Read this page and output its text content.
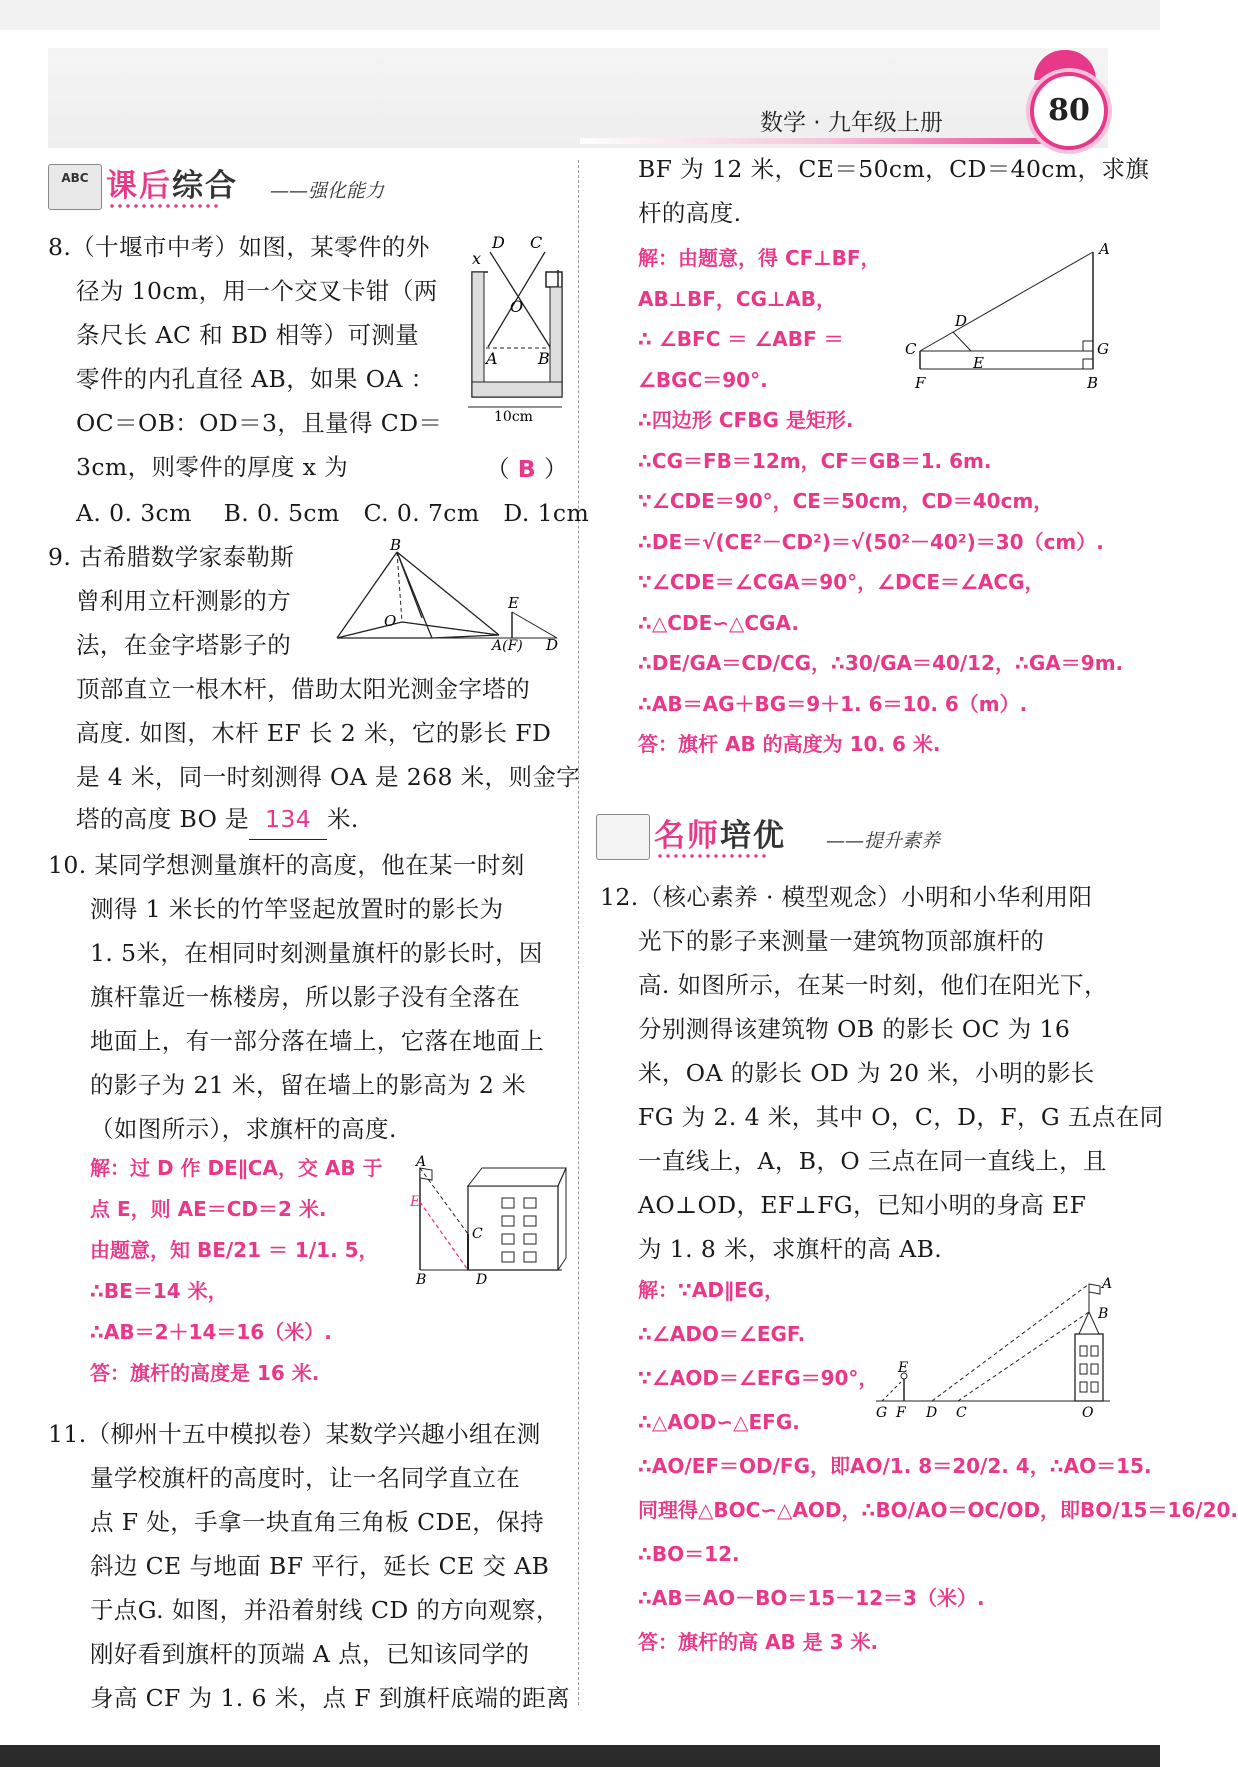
数学 · 九年级上册	80
ABC 课后综合 ——强化能力
8.（十堰市中考）如图，某零件的外
径为 10cm，用一个交叉卡钳（两
条尺长 AC 和 BD 相等）可测量
零件的内孔直径 AB，如果 OA ：
OC＝OB：OD＝3，且量得 CD＝
3cm，则零件的厚度 x 为	（ B ）
A. 0. 3cm　 B. 0. 5cm　C. 0. 7cm　D. 1cm
D C
x
O
A	B
10cm
9. 古希腊数学家泰勒斯
曾利用立杆测影的方
法，在金字塔影子的
顶部直立一根木杆，借助太阳光测金字塔的
高度. 如图，木杆 EF 长 2 米，它的影长 FD
是 4 米，同一时刻测得 OA 是 268 米，则金字
塔的高度 BO 是 134 米.
B
E
O
A(F) D
10. 某同学想测量旗杆的高度，他在某一时刻
测得 1 米长的竹竿竖起放置时的影长为
1. 5米，在相同时刻测量旗杆的影长时，因
旗杆靠近一栋楼房，所以影子没有全落在
地面上，有一部分落在墙上，它落在地面上
的影子为 21 米，留在墙上的影高为 2 米
（如图所示），求旗杆的高度.
解：过 D 作 DE∥CA，交 AB 于
点 E，则 AE＝CD＝2 米.
由题意，知 BE/21 ＝ 1/1. 5，
∴BE＝14 米，
∴AB＝2＋14＝16（米）.
答：旗杆的高度是 16 米.
A
E
C
B	D
11.（柳州十五中模拟卷）某数学兴趣小组在测
量学校旗杆的高度时，让一名同学直立在
点 F 处，手拿一块直角三角板 CDE，保持
斜边 CE 与地面 BF 平行，延长 CE 交 AB
于点G. 如图，并沿着射线 CD 的方向观察，
刚好看到旗杆的顶端 A 点，已知该同学的
身高 CF 为 1. 6 米，点 F 到旗杆底端的距离
BF 为 12 米，CE＝50cm，CD＝40cm，求旗
杆的高度.
解：由题意，得 CF⊥BF，
AB⊥BF，CG⊥AB，
∴ ∠BFC ＝ ∠ABF ＝
∠BGC＝90°.
∴四边形 CFBG 是矩形.
∴CG＝FB＝12m，CF＝GB＝1. 6m.
∵∠CDE＝90°，CE＝50cm，CD＝40cm，
∴DE＝√(CE²－CD²)＝√(50²－40²)＝30（cm）.
∵∠CDE＝∠CGA＝90°，∠DCE＝∠ACG，
∴△CDE∽△CGA.
∴DE/GA＝CD/CG，∴30/GA＝40/12，∴GA＝9m.
∴AB＝AG＋BG＝9＋1. 6＝10. 6（m）.
答：旗杆 AB 的高度为 10. 6 米.
A
D
C
E
G
F	B
名师培优 ——提升素养
12.（核心素养 · 模型观念）小明和小华利用阳
光下的影子来测量一建筑物顶部旗杆的
高. 如图所示，在某一时刻，他们在阳光下，
分别测得该建筑物 OB 的影长 OC 为 16
米，OA 的影长 OD 为 20 米，小明的影长
FG 为 2. 4 米，其中 O，C，D，F，G 五点在同
一直线上，A，B，O 三点在同一直线上，且
AO⊥OD，EF⊥FG，已知小明的身高 EF
为 1. 8 米，求旗杆的高 AB.
解：∵AD∥EG，
∴∠ADO＝∠EGF.
∵∠AOD＝∠EFG＝90°，
∴△AOD∽△EFG.
∴AO/EF＝OD/FG，即AO/1. 8＝20/2. 4，∴AO＝15.
同理得△BOC∽△AOD，∴BO/AO＝OC/OD，即BO/15＝16/20.
∴BO＝12.
∴AB＝AO－BO＝15－12＝3（米）.
答：旗杆的高 AB 是 3 米.
A
B
E
G F D C	O
